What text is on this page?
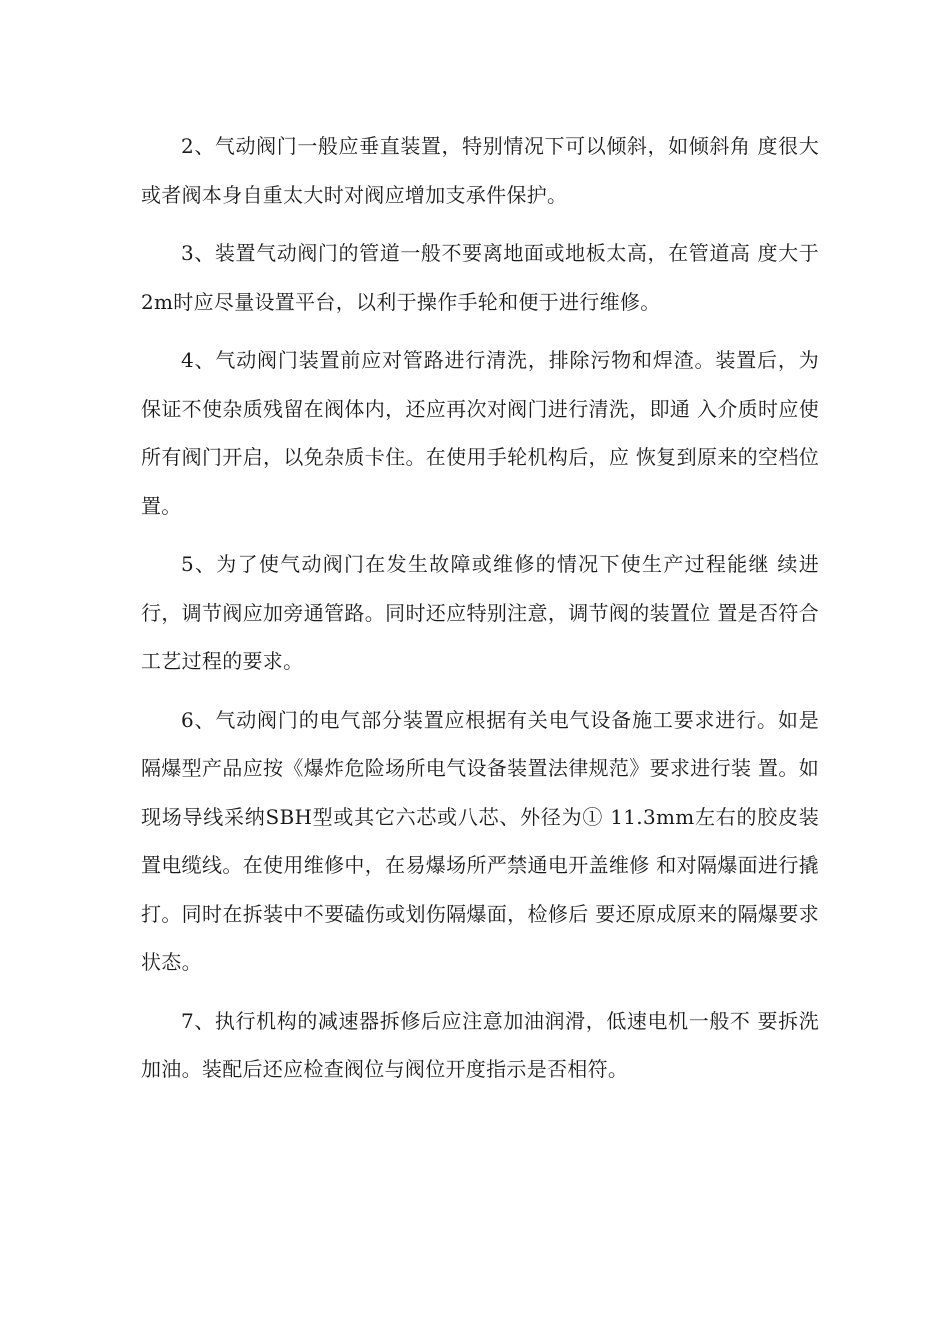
2、气动阀门一般应垂直装置，特别情况下可以倾斜，如倾斜角 度很大或者阀本身自重太大时对阀应增加支承件保护。

3、装置气动阀门的管道一般不要离地面或地板太高，在管道高 度大于2m时应尽量设置平台，以利于操作手轮和便于进行维修。

4、气动阀门装置前应对管路进行清洗，排除污物和焊渣。装置后，为保证不使杂质残留在阀体内，还应再次对阀门进行清洗，即通 入介质时应使所有阀门开启，以免杂质卡住。在使用手轮机构后，应 恢复到原来的空档位置。

5、为了使气动阀门在发生故障或维修的情况下使生产过程能继 续进行，调节阀应加旁通管路。同时还应特别注意，调节阀的装置位 置是否符合工艺过程的要求。

6、气动阀门的电气部分装置应根据有关电气设备施工要求进行。如是隔爆型产品应按《爆炸危险场所电气设备装置法律规范》要求进行装 置。如现场导线采纳SBH型或其它六芯或八芯、外径为① 11.3mm左右的胶皮装置电缆线。在使用维修中，在易爆场所严禁通电开盖维修 和对隔爆面进行撬打。同时在拆装中不要磕伤或划伤隔爆面，检修后 要还原成原来的隔爆要求状态。

7、执行机构的减速器拆修后应注意加油润滑，低速电机一般不 要拆洗加油。装配后还应检查阀位与阀位开度指示是否相符。
